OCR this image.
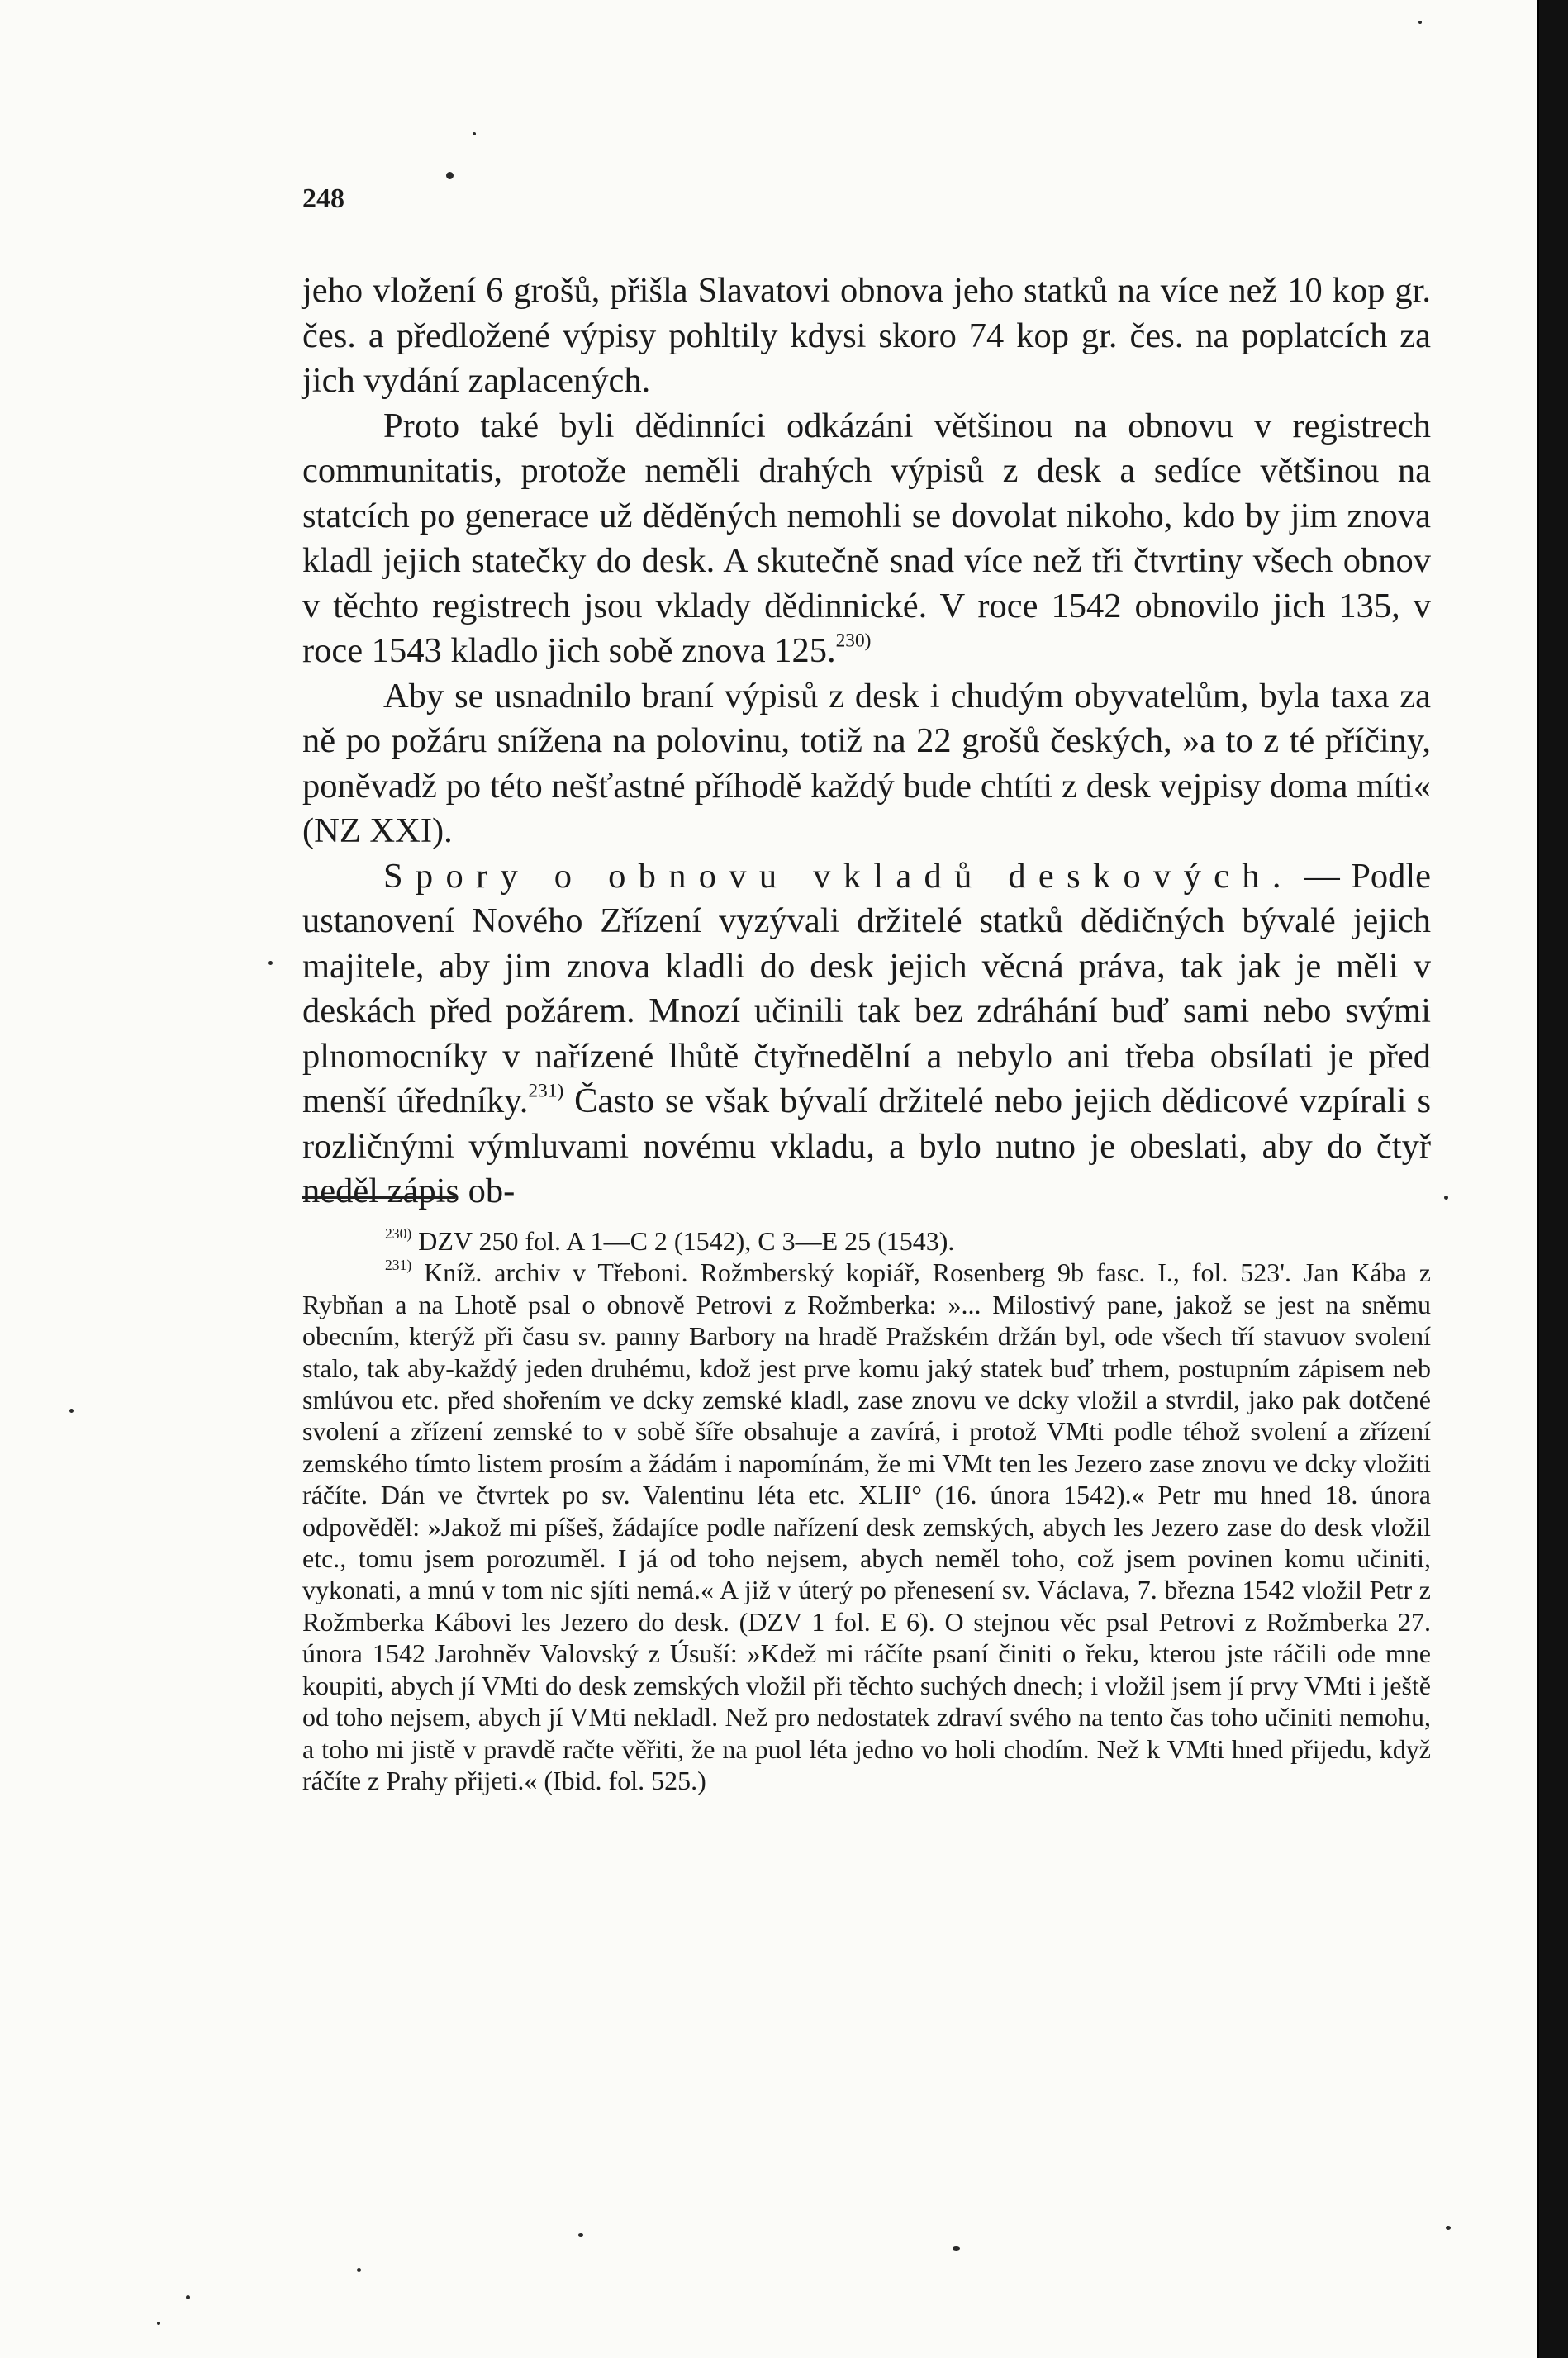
248

jeho vložení 6 grošů, přišla Slavatovi obnova jeho statků na více než 10 kop gr. čes. a předložené výpisy pohltily kdysi skoro 74 kop gr. čes. na poplatcích za jich vydání zaplacených.

Proto také byli dědinníci odkázáni většinou na obnovu v registrech communitatis, protože neměli drahých výpisů z desk a sedíce většinou na statcích po generace už děděných nemohli se dovolat nikoho, kdo by jim znova kladl jejich statečky do desk. A skutečně snad více než tři čtvrtiny všech obnov v těchto registrech jsou vklady dědinnické. V roce 1542 obnovilo jich 135, v roce 1543 kladlo jich sobě znova 125.$^{230)}$

Aby se usnadnilo braní výpisů z desk i chudým obyvatelům, byla taxa za ně po požáru snížena na polovinu, totiž na 22 grošů českých, »a to z té příčiny, poněvadž po této nešťastné příhodě každý bude chtíti z desk vejpisy doma míti« (NZ XXI).

Spory o obnovu vkladů deskových. — Podle ustanovení Nového Zřízení vyzývali držitelé statků dědičných bývalé jejich majitele, aby jim znova kladli do desk jejich věcná práva, tak jak je měli v deskách před požárem. Mnozí učinili tak bez zdráhání buď sami nebo svými plnomocníky v nařízené lhůtě čtyřnedělní a nebylo ani třeba obsílati je před menší úředníky.$^{231)}$ Často se však bývalí držitelé nebo jejich dědicové vzpírali s rozličnými výmluvami novému vkladu, a bylo nutno je obeslati, aby do čtyř neděl zápis ob-

$^{230)}$ DZV 250 fol. A 1—C 2 (1542), C 3—E 25 (1543).

$^{231)}$ Kníž. archiv v Třeboni. Rožmberský kopiář, Rosenberg 9b fasc. I., fol. 523'. Jan Kába z Rybňan a na Lhotě psal o obnově Petrovi z Rožmberka: »... Milostivý pane, jakož se jest na sněmu obecním, kterýž při času sv. panny Barbory na hradě Pražském držán byl, ode všech tří stavuov svolení stalo, tak aby-každý jeden druhému, kdož jest prve komu jaký statek buď trhem, postupním zápisem neb smlúvou etc. před shořením ve dcky zemské kladl, zase znovu ve dcky vložil a stvrdil, jako pak dotčené svolení a zřízení zemské to v sobě šíře obsahuje a zavírá, i protož VMti podle téhož svolení a zřízení zemského tímto listem prosím a žádám i napomínám, že mi VMt ten les Jezero zase znovu ve dcky vložiti ráčíte. Dán ve čtvrtek po sv. Valentinu léta etc. XLII° (16. února 1542).« Petr mu hned 18. února odpověděl: »Jakož mi píšeš, žádajíce podle nařízení desk zemských, abych les Jezero zase do desk vložil etc., tomu jsem porozuměl. I já od toho nejsem, abych neměl toho, což jsem povinen komu učiniti, vykonati, a mnú v tom nic sjíti nemá.« A již v úterý po přenesení sv. Václava, 7. března 1542 vložil Petr z Rožmberka Kábovi les Jezero do desk. (DZV 1 fol. E 6). O stejnou věc psal Petrovi z Rožmberka 27. února 1542 Jarohněv Valovský z Úsuší: »Kdež mi ráčíte psaní činiti o řeku, kterou jste ráčili ode mne koupiti, abych jí VMti do desk zemských vložil při těchto suchých dnech; i vložil jsem jí prvy VMti i ještě od toho nejsem, abych jí VMti nekladl. Než pro nedostatek zdraví svého na tento čas toho učiniti nemohu, a toho mi jistě v pravdě račte věřiti, že na puol léta jedno vo holi chodím. Než k VMti hned přijedu, když ráčíte z Prahy přijeti.« (Ibid. fol. 525.)
